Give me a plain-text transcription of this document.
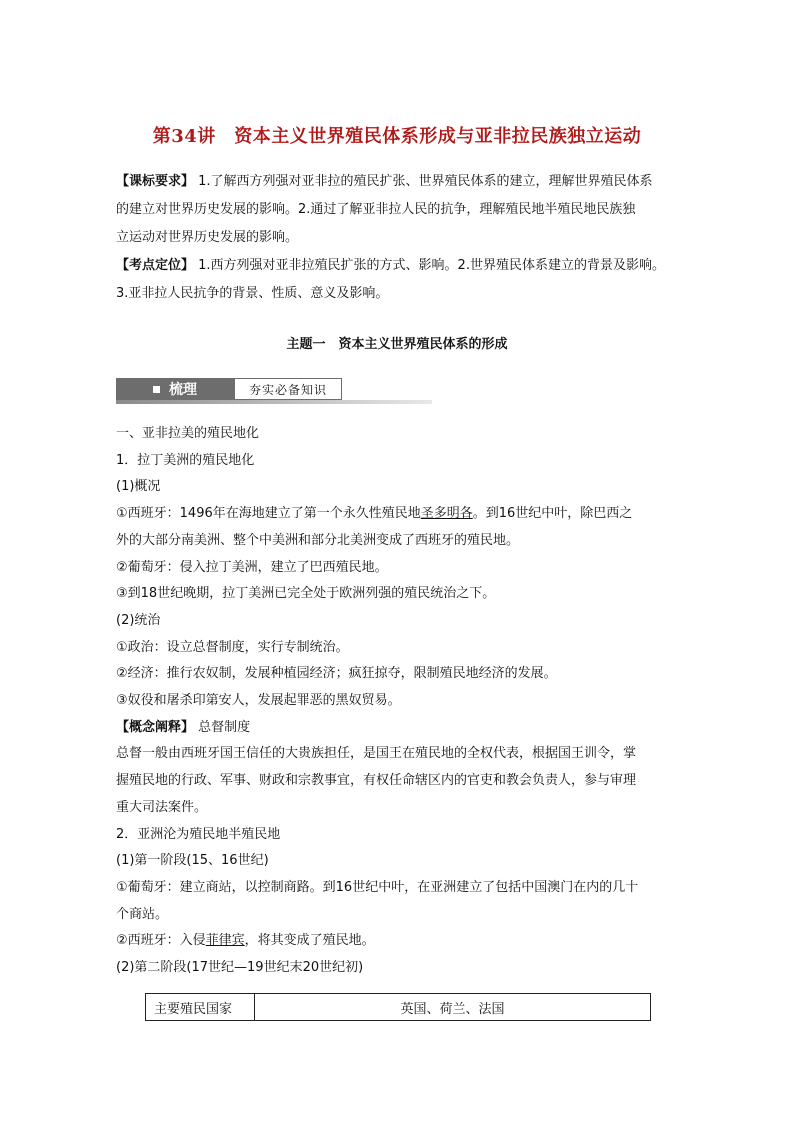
第34讲　资本主义世界殖民体系形成与亚非拉民族独立运动

【课标要求】 1.了解西方列强对亚非拉的殖民扩张、世界殖民体系的建立，理解世界殖民体系

的建立对世界历史发展的影响。2.通过了解亚非拉人民的抗争，理解殖民地半殖民地民族独

立运动对世界历史发展的影响。

【考点定位】 1.西方列强对亚非拉殖民扩张的方式、影响。2.世界殖民体系建立的背景及影响。

3.亚非拉人民抗争的背景、性质、意义及影响。

主题一　资本主义世界殖民体系的形成
梳理	夯实必备知识

一、亚非拉美的殖民地化

1．拉丁美洲的殖民地化

(1)概况

①西班牙：1496年在海地建立了第一个永久性殖民地圣多明各。到16世纪中叶，除巴西之

外的大部分南美洲、整个中美洲和部分北美洲变成了西班牙的殖民地。

②葡萄牙：侵入拉丁美洲，建立了巴西殖民地。

③到18世纪晚期，拉丁美洲已完全处于欧洲列强的殖民统治之下。

(2)统治

①政治：设立总督制度，实行专制统治。

②经济：推行农奴制，发展种植园经济；疯狂掠夺，限制殖民地经济的发展。

③奴役和屠杀印第安人，发展起罪恶的黑奴贸易。

【概念阐释】 总督制度

总督一般由西班牙国王信任的大贵族担任，是国王在殖民地的全权代表，根据国王训令，掌

握殖民地的行政、军事、财政和宗教事宜，有权任命辖区内的官吏和教会负责人，参与审理

重大司法案件。

2．亚洲沦为殖民地半殖民地

(1)第一阶段(15、16世纪)

①葡萄牙：建立商站，以控制商路。到16世纪中叶，在亚洲建立了包括中国澳门在内的几十

个商站。

②西班牙：入侵菲律宾，将其变成了殖民地。

(2)第二阶段(17世纪—19世纪末20世纪初)

主要殖民国家	英国、荷兰、法国
